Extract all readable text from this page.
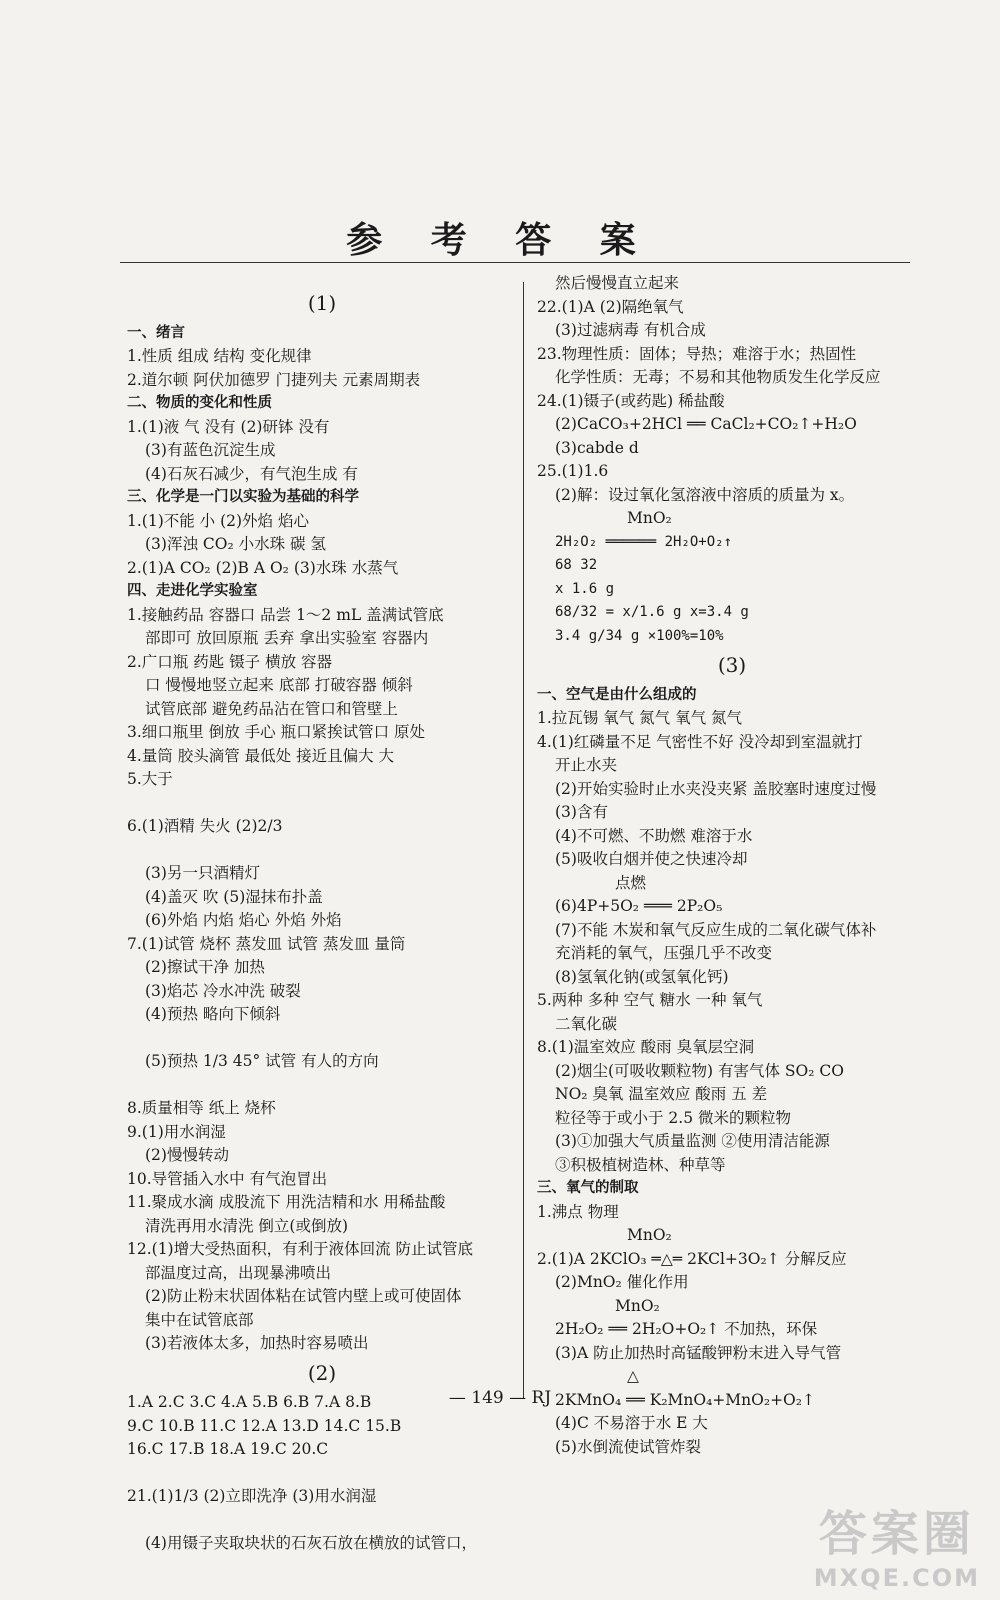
参 考 答 案
(1)
一、绪言
1.性质 组成 结构 变化规律
2.道尔顿 阿伏加德罗 门捷列夫 元素周期表
二、物质的变化和性质
1.(1)液 气 没有 (2)研钵 没有
(3)有蓝色沉淀生成
(4)石灰石减少，有气泡生成 有
三、化学是一门以实验为基础的科学
1.(1)不能 小 (2)外焰 焰心
(3)浑浊 CO₂ 小水珠 碳 氢
2.(1)A CO₂ (2)B A O₂ (3)水珠 水蒸气
四、走进化学实验室
1.接触药品 容器口 品尝 1～2 mL 盖满试管底
部即可 放回原瓶 丢弃 拿出实验室 容器内
2.广口瓶 药匙 镊子 横放 容器
口 慢慢地竖立起来 底部 打破容器 倾斜
试管底部 避免药品沾在管口和管壁上
3.细口瓶里 倒放 手心 瓶口紧挨试管口 原处
4.量筒 胶头滴管 最低处 接近且偏大 大
5.大于
6.(1)酒精 失火 (2)2/3
(3)另一只酒精灯
(4)盖灭 吹 (5)湿抹布扑盖
(6)外焰 内焰 焰心 外焰 外焰
7.(1)试管 烧杯 蒸发皿 试管 蒸发皿 量筒
(2)擦试干净 加热
(3)焰芯 冷水冲洗 破裂
(4)预热 略向下倾斜
(5)预热 1/3 45° 试管 有人的方向
8.质量相等 纸上 烧杯
9.(1)用水润湿
(2)慢慢转动
10.导管插入水中 有气泡冒出
11.聚成水滴 成股流下 用洗洁精和水 用稀盐酸
清洗再用水清洗 倒立(或倒放)
12.(1)增大受热面积，有利于液体回流 防止试管底
部温度过高，出现暴沸喷出
(2)防止粉末状固体粘在试管内壁上或可使固体
集中在试管底部
(3)若液体太多，加热时容易喷出
(2)
1.A 2.C 3.C 4.A 5.B 6.B 7.A 8.B
9.C 10.B 11.C 12.A 13.D 14.C 15.B
16.C 17.B 18.A 19.C 20.C
21.(1)1/3 (2)立即洗净 (3)用水润湿
(4)用镊子夹取块状的石灰石放在横放的试管口，
然后慢慢直立起来
22.(1)A (2)隔绝氧气
(3)过滤病毒 有机合成
23.物理性质：固体；导热；难溶于水；热固性
化学性质：无毒；不易和其他物质发生化学反应
24.(1)镊子(或药匙) 稀盐酸
(2)CaCO₃+2HCl ══ CaCl₂+CO₂↑+H₂O
(3)cabde d
25.(1)1.6
(2)解：设过氧化氢溶液中溶质的质量为 x。
MnO₂
2H₂O₂ ══════ 2H₂O+O₂↑
68 32
x 1.6 g
68/32 = x/1.6 g x=3.4 g
3.4 g/34 g ×100%=10%
(3)
一、空气是由什么组成的
1.拉瓦锡 氧气 氮气 氧气 氮气
4.(1)红磷量不足 气密性不好 没冷却到室温就打
开止水夹
(2)开始实验时止水夹没夹紧 盖胶塞时速度过慢
(3)含有
(4)不可燃、不助燃 难溶于水
(5)吸收白烟并使之快速冷却
点燃
(6)4P+5O₂ ═══ 2P₂O₅
(7)不能 木炭和氧气反应生成的二氧化碳气体补
充消耗的氧气，压强几乎不改变
(8)氢氧化钠(或氢氧化钙)
5.两种 多种 空气 糖水 一种 氧气
二氧化碳
8.(1)温室效应 酸雨 臭氧层空洞
(2)烟尘(可吸收颗粒物) 有害气体 SO₂ CO
NO₂ 臭氧 温室效应 酸雨 五 差
粒径等于或小于 2.5 微米的颗粒物
(3)①加强大气质量监测 ②使用清洁能源
③积极植树造林、种草等
三、氧气的制取
1.沸点 物理
MnO₂
2.(1)A 2KClO₃ ═△═ 2KCl+3O₂↑ 分解反应
(2)MnO₂ 催化作用
MnO₂
2H₂O₂ ══ 2H₂O+O₂↑ 不加热，环保
(3)A 防止加热时高锰酸钾粉末进入导气管
△
2KMnO₄ ══ K₂MnO₄+MnO₂+O₂↑
(4)C 不易溶于水 E 大
(5)水倒流使试管炸裂
— 149 — RJ
答案圈
MXQE.COM
